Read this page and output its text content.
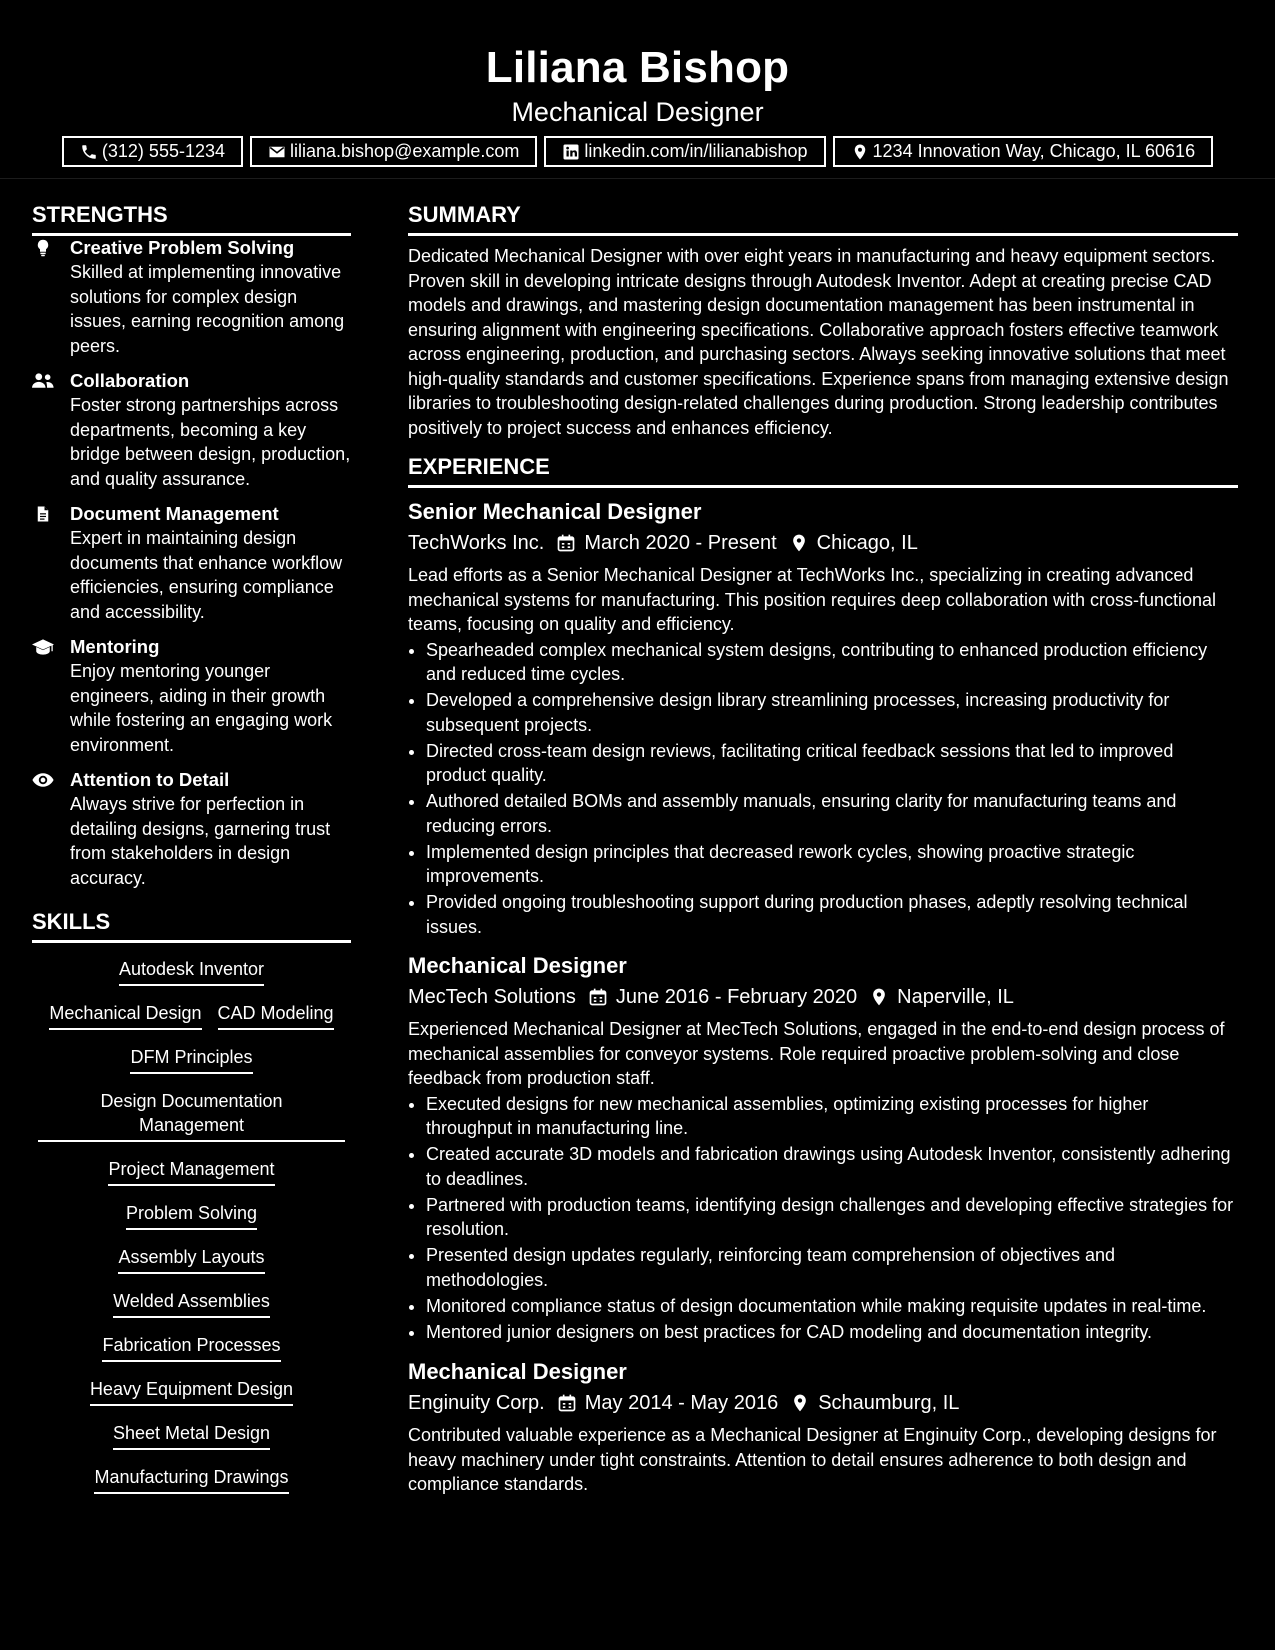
Liliana Bishop
Mechanical Designer
(312) 555-1234	liliana.bishop@example.com	linkedin.com/in/lilianabishop	1234 Innovation Way, Chicago, IL 60616
STRENGTHS
Creative Problem Solving
Skilled at implementing innovative solutions for complex design issues, earning recognition among peers.
Collaboration
Foster strong partnerships across departments, becoming a key bridge between design, production, and quality assurance.
Document Management
Expert in maintaining design documents that enhance workflow efficiencies, ensuring compliance and accessibility.
Mentoring
Enjoy mentoring younger engineers, aiding in their growth while fostering an engaging work environment.
Attention to Detail
Always strive for perfection in detailing designs, garnering trust from stakeholders in design accuracy.
SKILLS
Autodesk Inventor
Mechanical Design CAD Modeling
DFM Principles
Design Documentation Management
Project Management
Problem Solving
Assembly Layouts
Welded Assemblies
Fabrication Processes
Heavy Equipment Design
Sheet Metal Design
Manufacturing Drawings
SUMMARY
Dedicated Mechanical Designer with over eight years in manufacturing and heavy equipment sectors. Proven skill in developing intricate designs through Autodesk Inventor. Adept at creating precise CAD models and drawings, and mastering design documentation management has been instrumental in ensuring alignment with engineering specifications. Collaborative approach fosters effective teamwork across engineering, production, and purchasing sectors. Always seeking innovative solutions that meet high-quality standards and customer specifications. Experience spans from managing extensive design libraries to troubleshooting design-related challenges during production. Strong leadership contributes positively to project success and enhances efficiency.
EXPERIENCE
Senior Mechanical Designer
TechWorks Inc. March 2020 - Present Chicago, IL
Lead efforts as a Senior Mechanical Designer at TechWorks Inc., specializing in creating advanced mechanical systems for manufacturing. This position requires deep collaboration with cross-functional teams, focusing on quality and efficiency.
• Spearheaded complex mechanical system designs, contributing to enhanced production efficiency and reduced time cycles.
• Developed a comprehensive design library streamlining processes, increasing productivity for subsequent projects.
• Directed cross-team design reviews, facilitating critical feedback sessions that led to improved product quality.
• Authored detailed BOMs and assembly manuals, ensuring clarity for manufacturing teams and reducing errors.
• Implemented design principles that decreased rework cycles, showing proactive strategic improvements.
• Provided ongoing troubleshooting support during production phases, adeptly resolving technical issues.
Mechanical Designer
MecTech Solutions June 2016 - February 2020 Naperville, IL
Experienced Mechanical Designer at MecTech Solutions, engaged in the end-to-end design process of mechanical assemblies for conveyor systems. Role required proactive problem-solving and close feedback from production staff.
• Executed designs for new mechanical assemblies, optimizing existing processes for higher throughput in manufacturing line.
• Created accurate 3D models and fabrication drawings using Autodesk Inventor, consistently adhering to deadlines.
• Partnered with production teams, identifying design challenges and developing effective strategies for resolution.
• Presented design updates regularly, reinforcing team comprehension of objectives and methodologies.
• Monitored compliance status of design documentation while making requisite updates in real-time.
• Mentored junior designers on best practices for CAD modeling and documentation integrity.
Mechanical Designer
Enginuity Corp. May 2014 - May 2016 Schaumburg, IL
Contributed valuable experience as a Mechanical Designer at Enginuity Corp., developing designs for heavy machinery under tight constraints. Attention to detail ensures adherence to both design and compliance standards.
